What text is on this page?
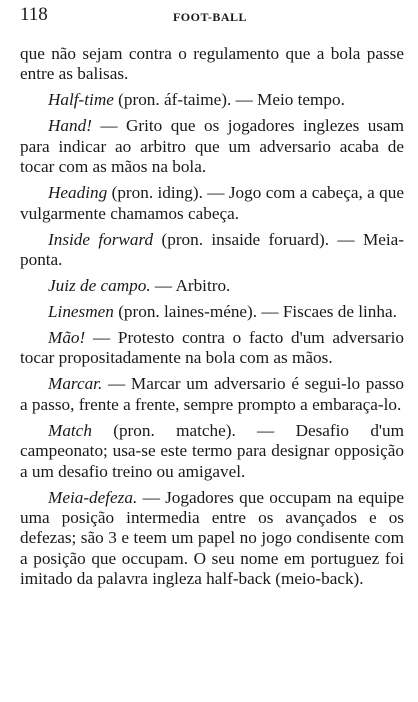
118	FOOT-BALL

que não sejam contra o regulamento que a bola passe entre as balisas.

Half-time (pron. áf-taime). — Meio tempo.

Hand! — Grito que os jogadores inglezes usam para indicar ao arbitro que um adversario acaba de tocar com as mãos na bola.

Heading (pron. iding). — Jogo com a cabeça, a que vulgarmente chamamos cabeça.

Inside forward (pron. insaide foruard). — Meia-ponta.

Juiz de campo. — Arbitro.

Linesmen (pron. laines-méne). — Fiscaes de linha.

Mão! — Protesto contra o facto d'um adversario tocar propositadamente na bola com as mãos.

Marcar. — Marcar um adversario é segui-lo passo a passo, frente a frente, sempre prompto a embaraça-lo.

Match (pron. matche). — Desafio d'um campeonato; usa-se este termo para designar opposição a um desafio treino ou amigavel.

Meia-defeza. — Jogadores que occupam na equipe uma posição intermedia entre os avançados e os defezas; são 3 e teem um papel no jogo condisente com a posição que occupam. O seu nome em portuguez foi imitado da palavra ingleza half-back (meio-back).
